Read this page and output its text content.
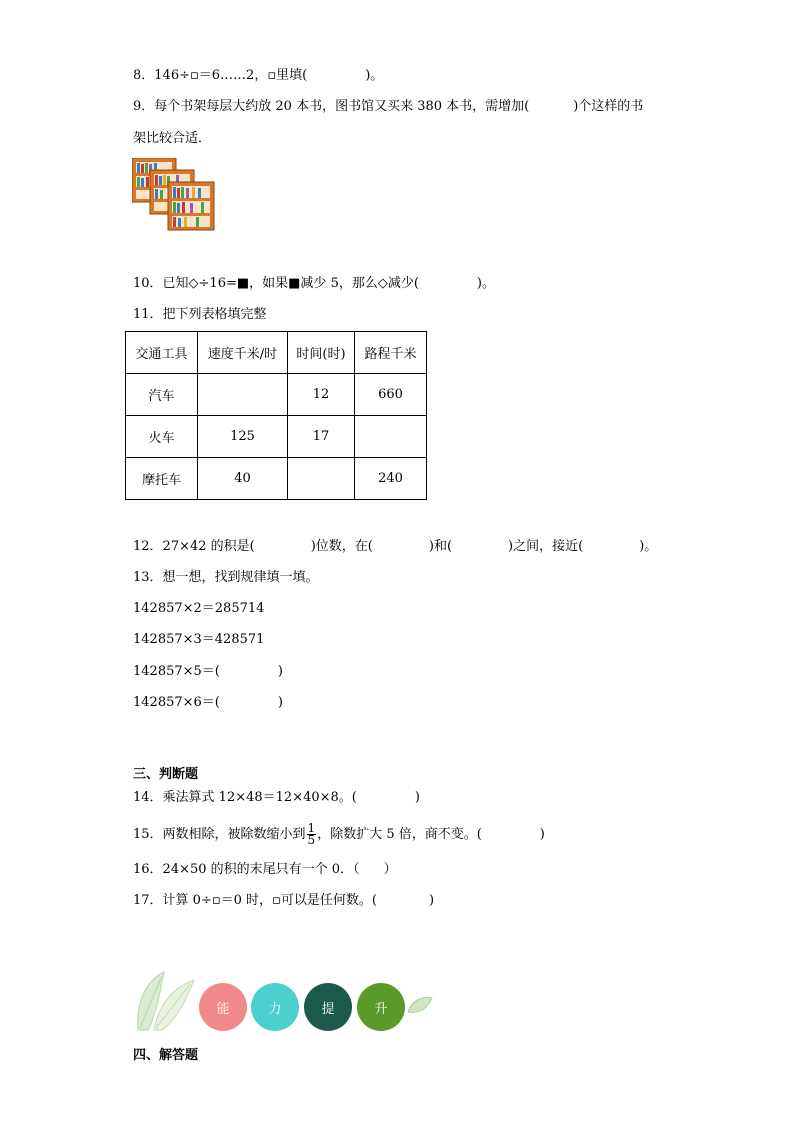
8．146÷▫＝6……2，▫里填(	)。
9．每个书架每层大约放 20 本书，图书馆又买来 380 本书，需增加(	)个这样的书
架比较合适．
10．已知◇÷16=■，如果■减少 5，那么◇减少(	)。
11．把下列表格填完整
交通工具	速度千米/时	时间(时)	路程千米
汽车		12	660
火车	125	17	
摩托车	40		240
12．27×42 的积是(	)位数，在(	)和(	)之间，接近(	)。
13．想一想，找到规律填一填。
142857×2＝285714
142857×3＝428571
142857×5＝(	)
142857×6＝(	)
三、判断题
14．乘法算式 12×48＝12×40×8。(	)
15．两数相除，被除数缩小到 $\frac{1}{5}$ ，除数扩大 5 倍，商不变。(	)
16．24×50 的积的末尾只有一个 0．（ ）
17．计算 0÷▫＝0 时，▫可以是任何数。(	)
能	力	提	升
四、解答题
